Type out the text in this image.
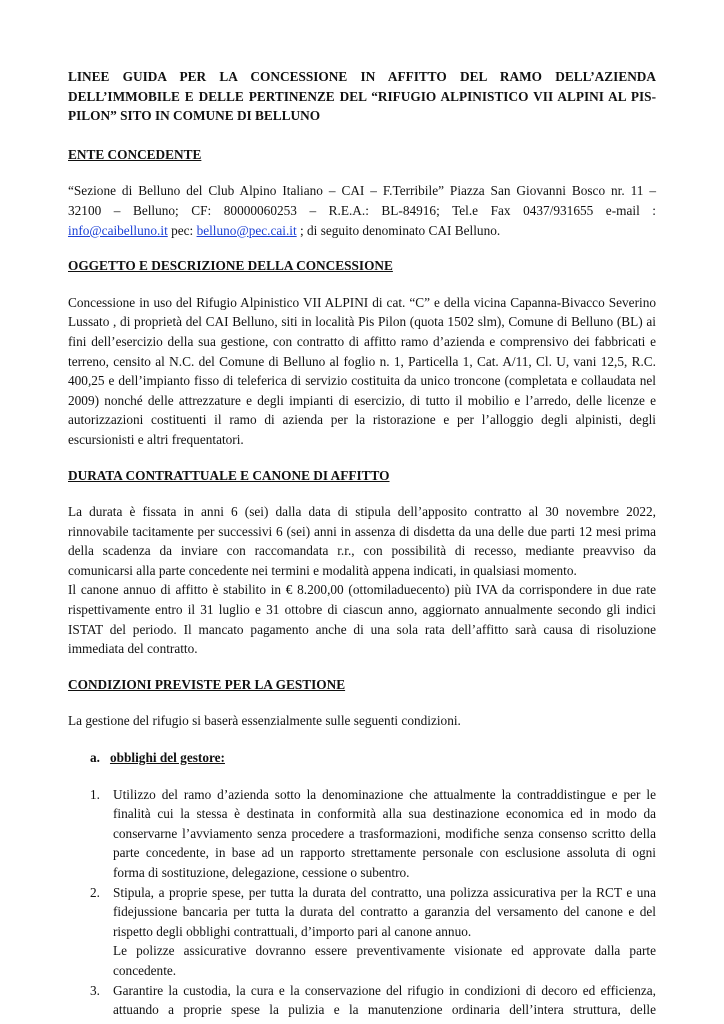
LINEE GUIDA PER LA CONCESSIONE IN AFFITTO DEL RAMO DELL’AZIENDA
DELL’IMMOBILE E DELLE PERTINENZE DEL “RIFUGIO ALPINISTICO VII ALPINI AL PIS-
PILON” SITO IN COMUNE DI BELLUNO

ENTE CONCEDENTE

“Sezione di Belluno del Club Alpino Italiano – CAI – F.Terribile” Piazza San Giovanni Bosco nr. 11 –
32100 – Belluno; CF: 80000060253 – R.E.A.: BL-84916; Tel.e Fax 0437/931655 e-mail :
info@caibelluno.it pec: belluno@pec.cai.it ; di seguito denominato CAI Belluno.

OGGETTO E DESCRIZIONE DELLA CONCESSIONE

Concessione in uso del Rifugio Alpinistico VII ALPINI di cat. “C” e della vicina Capanna-Bivacco Severino
Lussato , di proprietà del CAI Belluno, siti in località Pis Pilon (quota 1502 slm), Comune di Belluno (BL) ai
fini dell’esercizio della sua gestione, con contratto di affitto ramo d’azienda e comprensivo dei fabbricati e
terreno, censito al N.C. del Comune di Belluno al foglio n. 1, Particella 1, Cat. A/11, Cl. U, vani 12,5, R.C.
400,25 e dell’impianto fisso di teleferica di servizio costituita da unico troncone (completata e collaudata nel
2009) nonché delle attrezzature e degli impianti di esercizio, di tutto il mobilio e l’arredo, delle licenze e
autorizzazioni costituenti il ramo di azienda per la ristorazione e per l’alloggio degli alpinisti, degli
escursionisti e altri frequentatori.

DURATA CONTRATTUALE E CANONE DI AFFITTO

La durata è fissata in anni 6 (sei) dalla data di stipula dell’apposito contratto al 30 novembre 2022,
rinnovabile tacitamente per successivi 6 (sei) anni in assenza di disdetta da una delle due parti 12 mesi prima
della scadenza da inviare con raccomandata r.r., con possibilità di recesso, mediante preavviso da
comunicarsi alla parte concedente nei termini e modalità appena indicati, in qualsiasi momento.
Il canone annuo di affitto è stabilito in € 8.200,00 (ottomiladuecento) più IVA da corrispondere in due rate
rispettivamente entro il 31 luglio e 31 ottobre di ciascun anno, aggiornato annualmente secondo gli indici
ISTAT del periodo. Il mancato pagamento anche di una sola rata dell’affitto sarà causa di risoluzione
immediata del contratto.

CONDIZIONI PREVISTE PER LA GESTIONE

La gestione del rifugio si baserà essenzialmente sulle seguenti condizioni.

a. obblighi del gestore:

1. Utilizzo del ramo d’azienda sotto la denominazione che attualmente la contraddistingue e per le
finalità cui la stessa è destinata in conformità alla sua destinazione economica ed in modo da
conservarne l’avviamento senza procedere a trasformazioni, modifiche senza consenso scritto della
parte concedente, in base ad un rapporto strettamente personale con esclusione assoluta di ogni
forma di sostituzione, delegazione, cessione o subentro.
2. Stipula, a proprie spese, per tutta la durata del contratto, una polizza assicurativa per la RCT e una
fidejussione bancaria per tutta la durata del contratto a garanzia del versamento del canone e del
rispetto degli obblighi contrattuali, d’importo pari al canone annuo.
Le polizze assicurative dovranno essere preventivamente visionate ed approvate dalla parte
concedente.
3. Garantire la custodia, la cura e la conservazione del rifugio in condizioni di decoro ed efficienza,
attuando a proprie spese la pulizia e la manutenzione ordinaria dell’intera struttura, delle
